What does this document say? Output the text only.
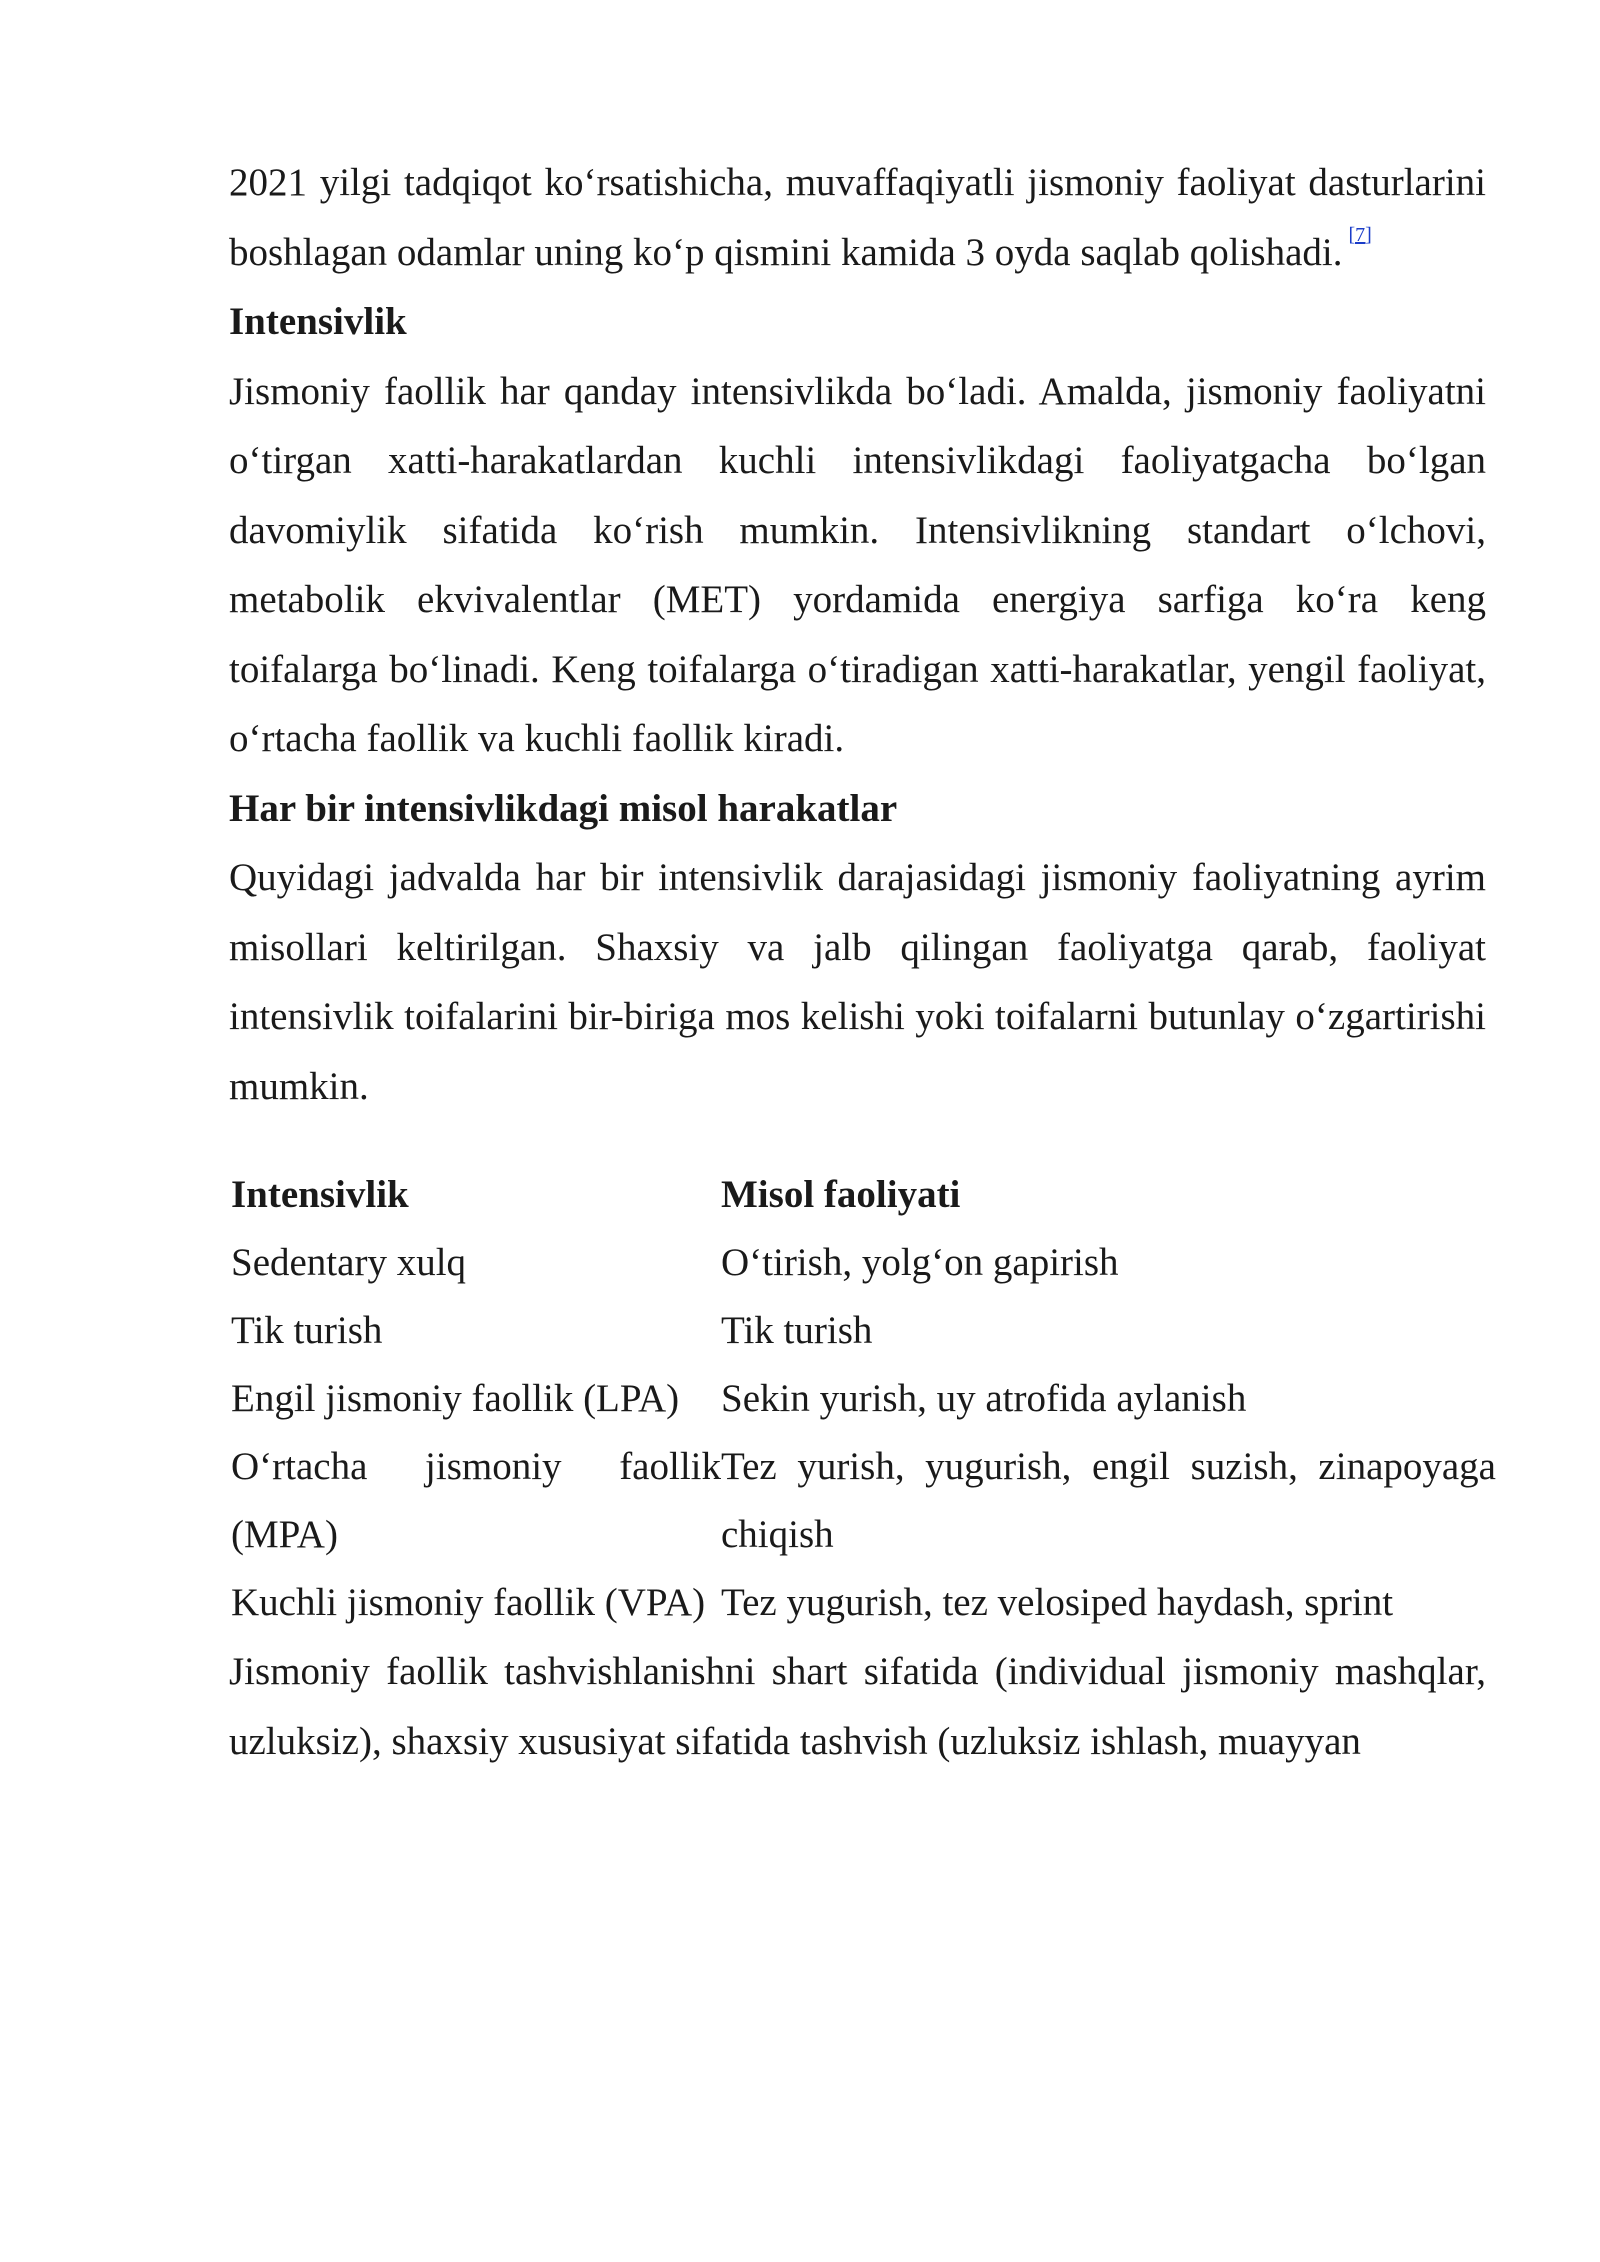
2021 yilgi tadqiqot ko‘rsatishicha, muvaffaqiyatli jismoniy faoliyat dasturlarini boshlagan odamlar uning ko‘p qismini kamida 3 oyda saqlab qolishadi. [7]

Intensivlik

Jismoniy faollik har qanday intensivlikda bo‘ladi. Amalda, jismoniy faoliyatni o‘tirgan xatti-harakatlardan kuchli intensivlikdagi faoliyatgacha bo‘lgan davomiylik sifatida ko‘rish mumkin. Intensivlikning standart o‘lchovi, metabolik ekvivalentlar (MET) yordamida energiya sarfiga ko‘ra keng toifalarga bo‘linadi. Keng toifalarga o‘tiradigan xatti-harakatlar, yengil faoliyat, o‘rtacha faollik va kuchli faollik kiradi.

Har bir intensivlikdagi misol harakatlar

Quyidagi jadvalda har bir intensivlik darajasidagi jismoniy faoliyatning ayrim misollari keltirilgan. Shaxsiy va jalb qilingan faoliyatga qarab, faoliyat intensivlik toifalarini bir-biriga mos kelishi yoki toifalarni butunlay o‘zgartirishi mumkin.

Intensivlik	Misol faoliyati
Sedentary xulq	O‘tirish, yolg‘on gapirish
Tik turish	Tik turish
Engil jismoniy faollik (LPA)	Sekin yurish, uy atrofida aylanish
O‘rtacha jismoniy faollik (MPA)	Tez yurish, yugurish, engil suzish, zinapoyaga chiqish
Kuchli jismoniy faollik (VPA)	Tez yugurish, tez velosiped haydash, sprint

Jismoniy faollik tashvishlanishni shart sifatida (individual jismoniy mashqlar, uzluksiz), shaxsiy xususiyat sifatida tashvish (uzluksiz ishlash, muayyan
